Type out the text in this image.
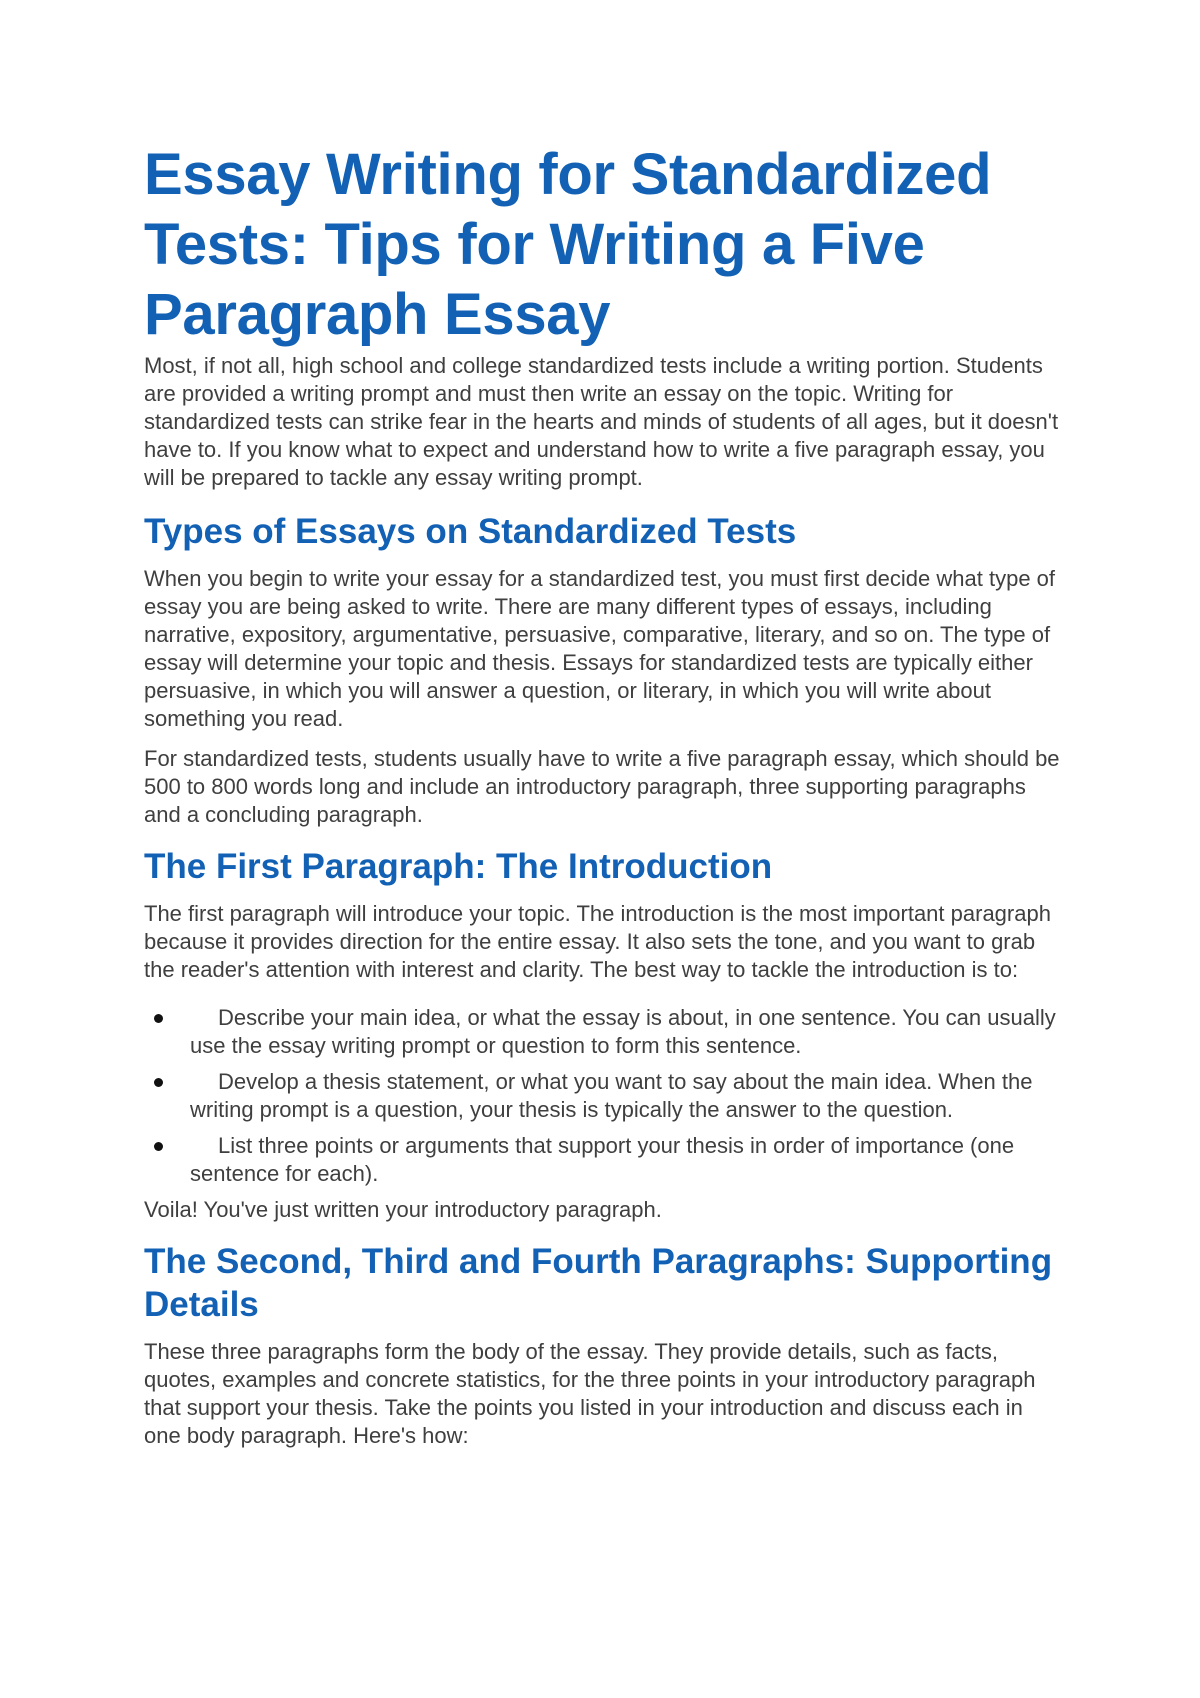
Essay Writing for Standardized Tests: Tips for Writing a Five Paragraph Essay

Most, if not all, high school and college standardized tests include a writing portion. Students are provided a writing prompt and must then write an essay on the topic. Writing for standardized tests can strike fear in the hearts and minds of students of all ages, but it doesn't have to. If you know what to expect and understand how to write a five paragraph essay, you will be prepared to tackle any essay writing prompt.

Types of Essays on Standardized Tests

When you begin to write your essay for a standardized test, you must first decide what type of essay you are being asked to write. There are many different types of essays, including narrative, expository, argumentative, persuasive, comparative, literary, and so on. The type of essay will determine your topic and thesis. Essays for standardized tests are typically either persuasive, in which you will answer a question, or literary, in which you will write about something you read.

For standardized tests, students usually have to write a five paragraph essay, which should be 500 to 800 words long and include an introductory paragraph, three supporting paragraphs and a concluding paragraph.

The First Paragraph: The Introduction

The first paragraph will introduce your topic. The introduction is the most important paragraph because it provides direction for the entire essay. It also sets the tone, and you want to grab the reader's attention with interest and clarity. The best way to tackle the introduction is to:

Describe your main idea, or what the essay is about, in one sentence. You can usually use the essay writing prompt or question to form this sentence.
Develop a thesis statement, or what you want to say about the main idea. When the writing prompt is a question, your thesis is typically the answer to the question.
List three points or arguments that support your thesis in order of importance (one sentence for each).

Voila! You've just written your introductory paragraph.

The Second, Third and Fourth Paragraphs: Supporting Details

These three paragraphs form the body of the essay. They provide details, such as facts, quotes, examples and concrete statistics, for the three points in your introductory paragraph that support your thesis. Take the points you listed in your introduction and discuss each in one body paragraph. Here's how:
